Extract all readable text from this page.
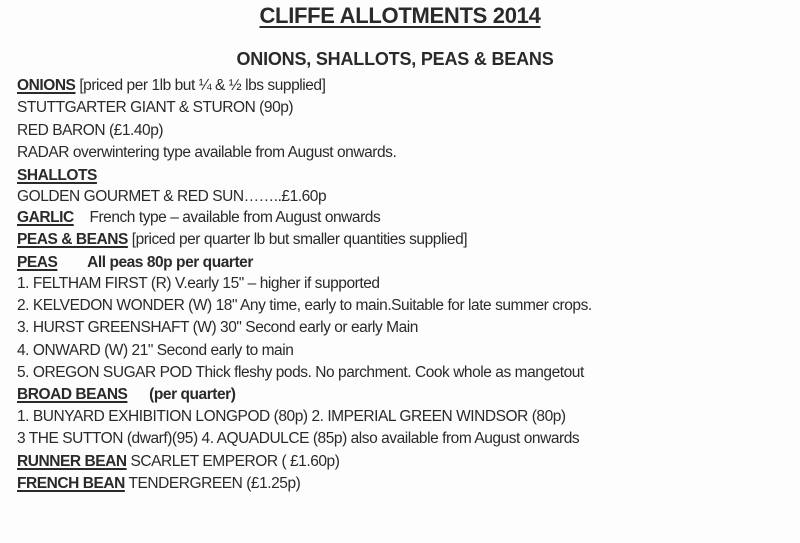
CLIFFE ALLOTMENTS 2014
ONIONS, SHALLOTS, PEAS & BEANS
ONIONS [priced per 1lb but ¼ & ½ lbs supplied]
STUTTGARTER GIANT & STURON (90p)
RED BARON (£1.40p)
RADAR overwintering type available from August onwards.
SHALLOTS
GOLDEN GOURMET & RED SUN……..£1.60p
GARLIC French type – available from August onwards
PEAS & BEANS [priced per quarter lb but smaller quantities supplied]
PEAS All peas 80p per quarter
1. FELTHAM FIRST (R) V.early 15" – higher if supported
2. KELVEDON WONDER (W) 18" Any time, early to main.Suitable for late summer crops.
3. HURST GREENSHAFT (W) 30" Second early or early Main
4. ONWARD (W) 21" Second early to main
5. OREGON SUGAR POD Thick fleshy pods. No parchment. Cook whole as mangetout
BROAD BEANS (per quarter)
1. BUNYARD EXHIBITION LONGPOD (80p) 2. IMPERIAL GREEN WINDSOR (80p)
3 THE SUTTON (dwarf)(95) 4. AQUADULCE (85p) also available from August onwards
RUNNER BEAN SCARLET EMPEROR ( £1.60p)
FRENCH BEAN TENDERGREEN (£1.25p)
